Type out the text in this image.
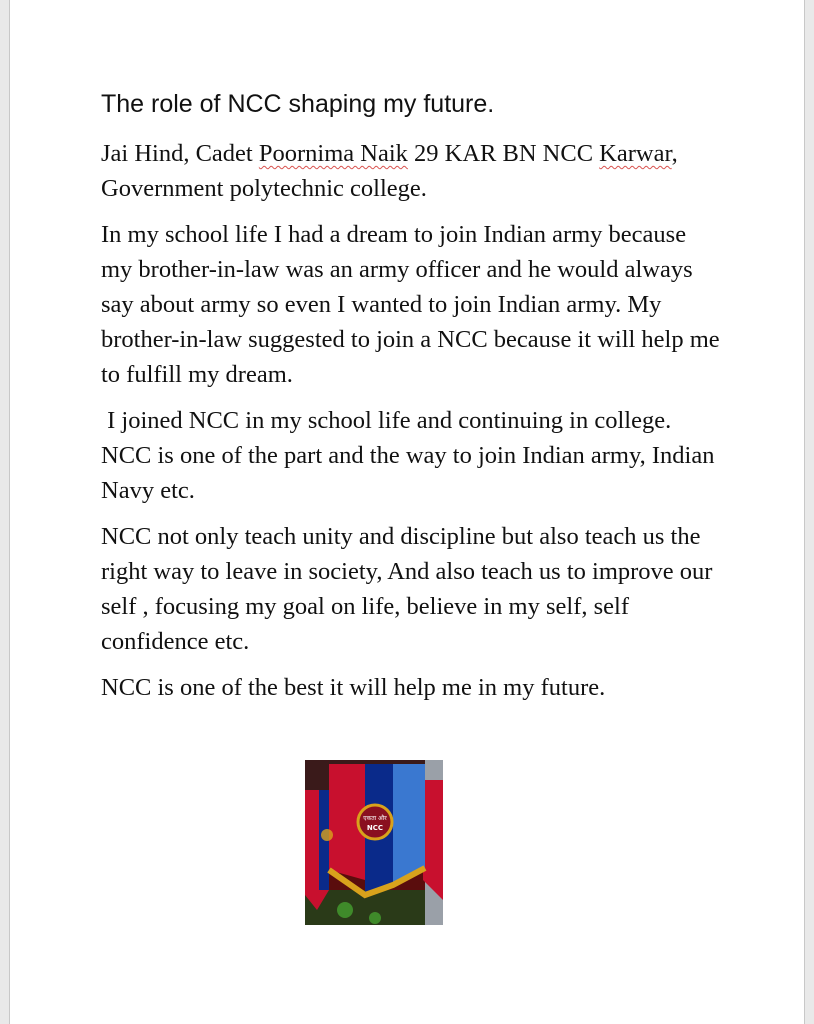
The role of NCC shaping my future.

Jai Hind, Cadet Poornima Naik 29 KAR BN NCC Karwar, Government polytechnic college.

In my school life I had a dream to join Indian army because my brother-in-law was an army officer and he would always say about army so even I wanted to join Indian army. My brother-in-law suggested to join a NCC because it will help me to fulfill my dream.

I joined NCC in my school life and continuing in college. NCC is one of the part and the way to join Indian army, Indian Navy etc.

NCC not only teach unity and discipline but also teach us the right way to leave in society, And also teach us to improve our self , focusing my goal on life, believe in my self, self confidence etc.

NCC is one of the best it will help me in my future.

एकता और
NCC
